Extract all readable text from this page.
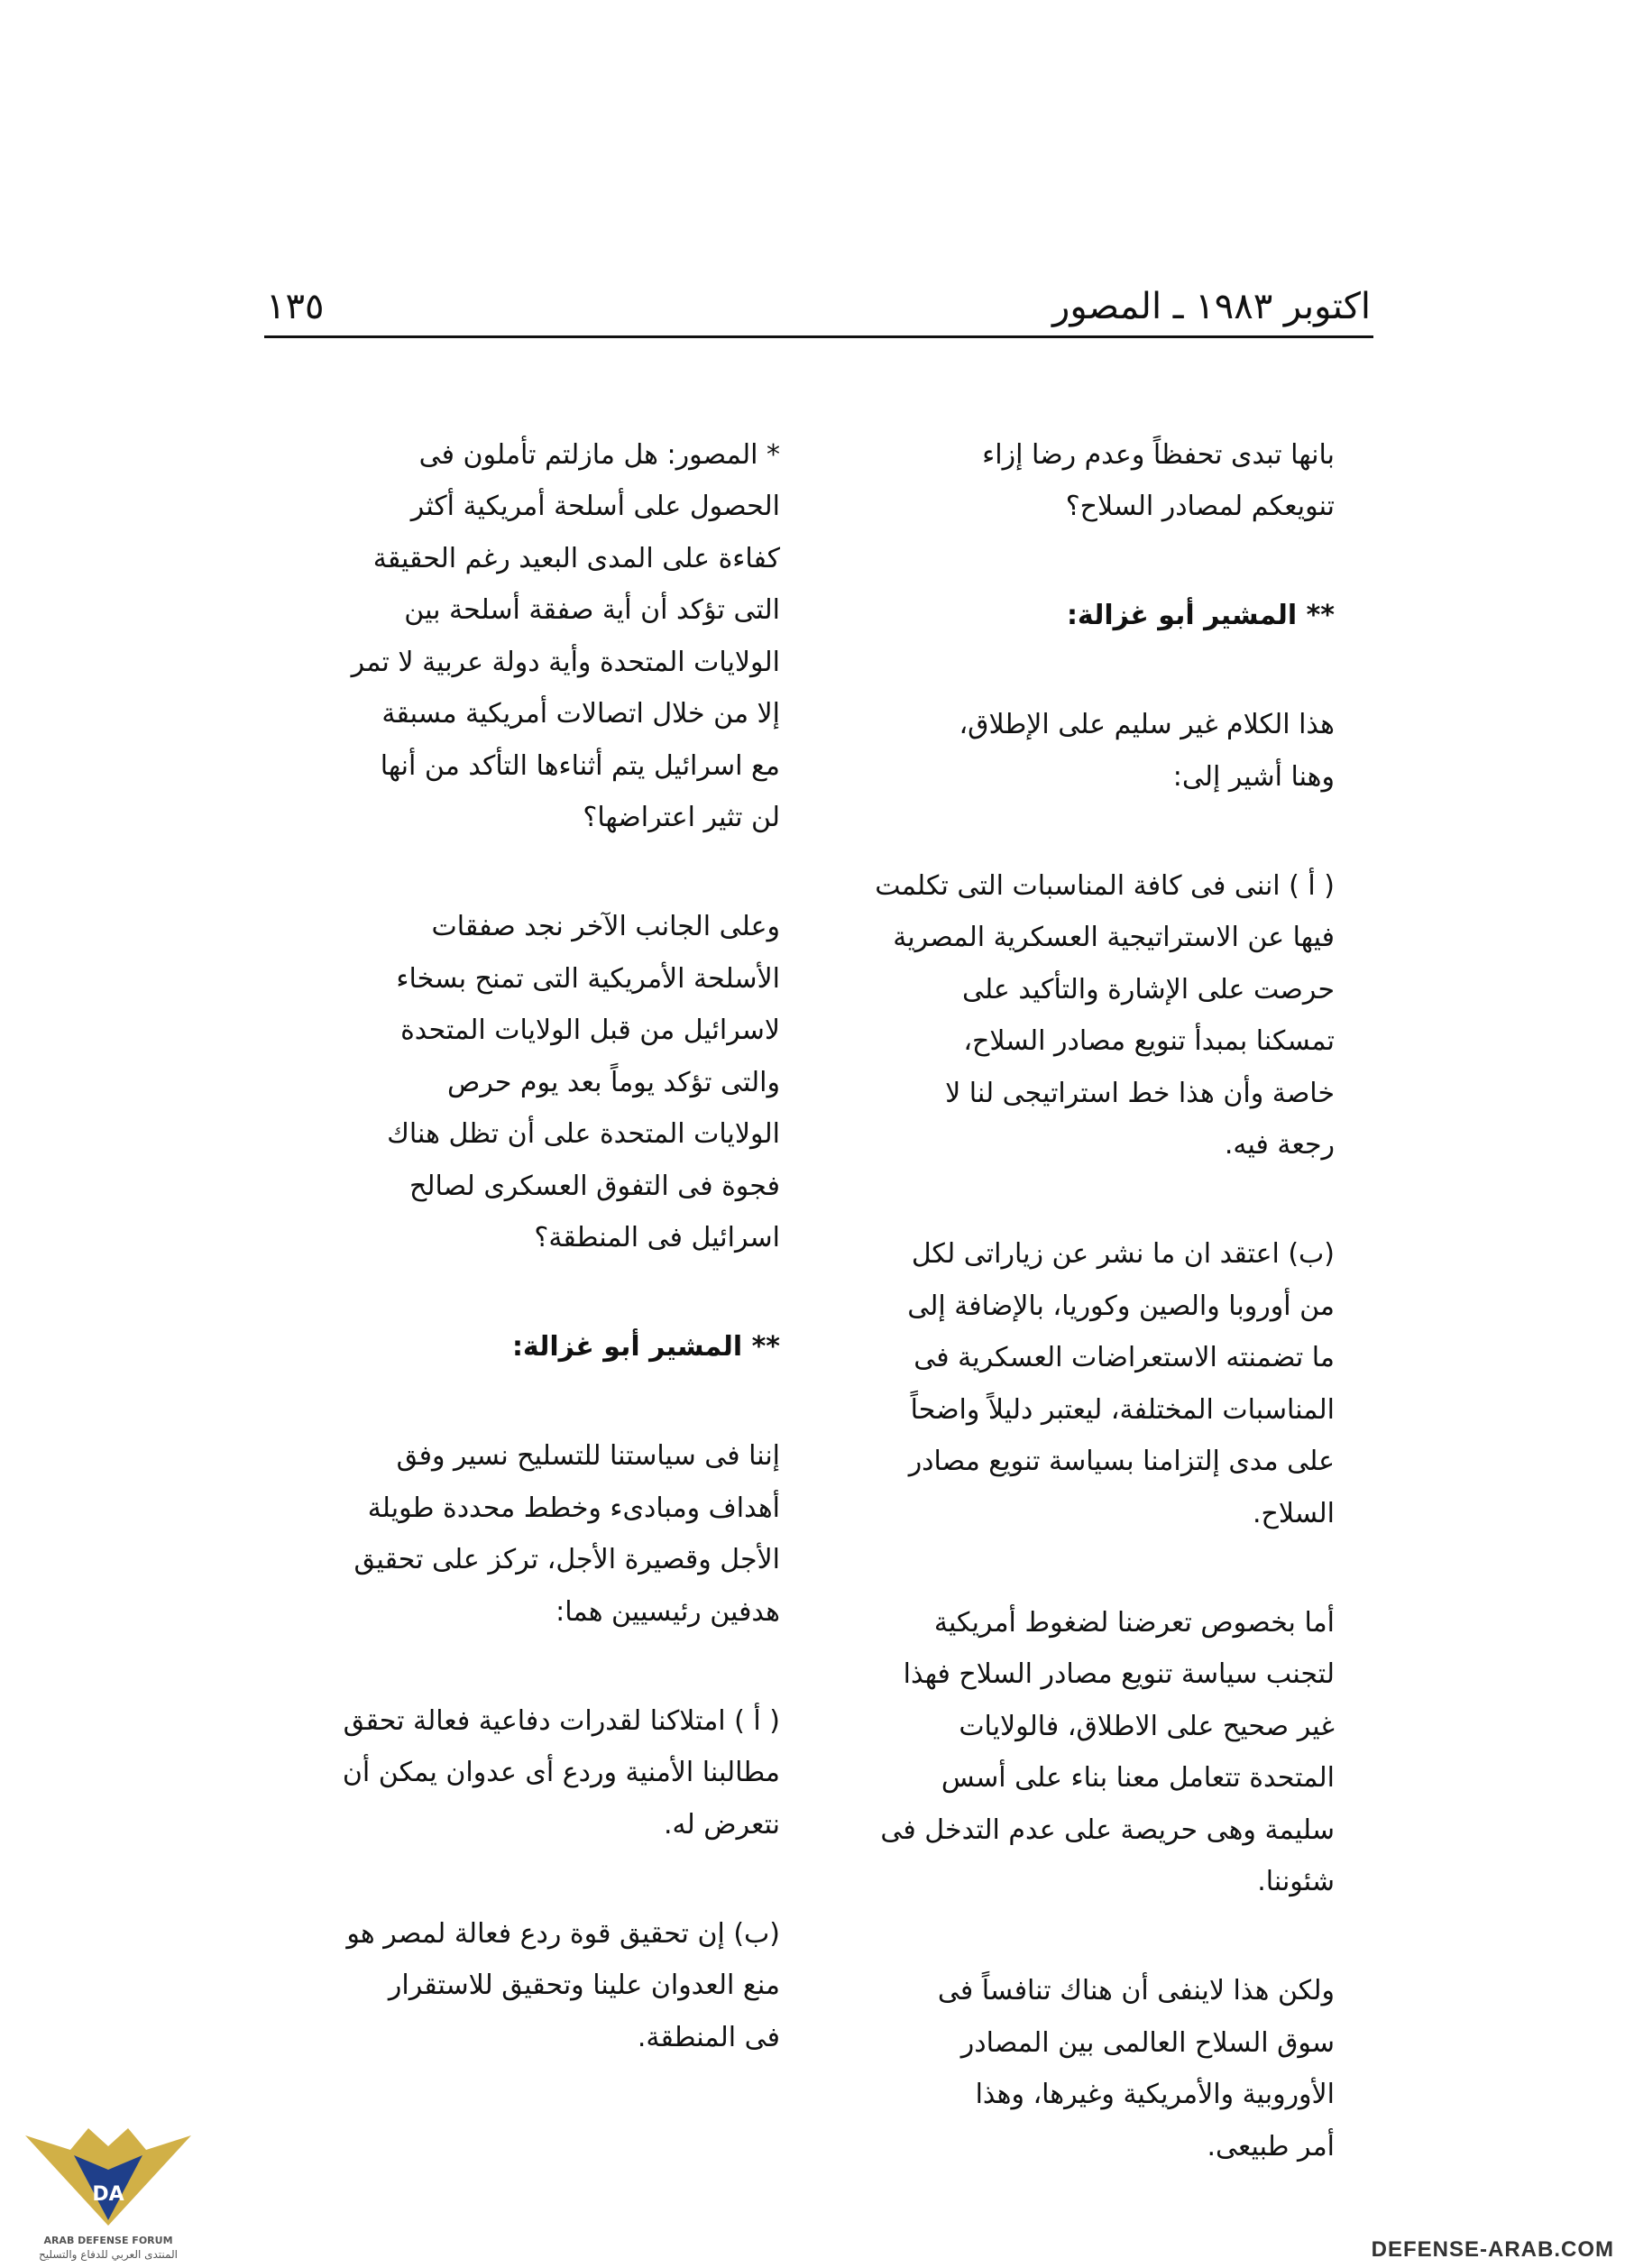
اكتوبر ١٩٨٣ ـ المصور
١٣٥

بانها تبدى تحفظاً وعدم رضا إزاء
تنويعكم لمصادر السلاح؟

** المشير أبو غزالة:

هذا الكلام غير سليم على الإطلاق،
وهنا أشير إلى:

( أ ) اننى فى كافة المناسبات التى تكلمت
فيها عن الاستراتيجية العسكرية المصرية
حرصت على الإشارة والتأكيد على
تمسكنا بمبدأ تنويع مصادر السلاح،
خاصة وأن هذا خط استراتيجى لنا لا
رجعة فيه.

(ب) اعتقد ان ما نشر عن زياراتى لكل
من أوروبا والصين وكوريا، بالإضافة إلى
ما تضمنته الاستعراضات العسكرية فى
المناسبات المختلفة، ليعتبر دليلاً واضحاً
على مدى إلتزامنا بسياسة تنويع مصادر
السلاح.

أما بخصوص تعرضنا لضغوط أمريكية
لتجنب سياسة تنويع مصادر السلاح فهذا
غير صحيح على الاطلاق، فالولايات
المتحدة تتعامل معنا بناء على أسس
سليمة وهى حريصة على عدم التدخل فى
شئوننا.

ولكن هذا لاينفى أن هناك تنافساً فى
سوق السلاح العالمى بين المصادر
الأوروبية والأمريكية وغيرها، وهذا
أمر طبيعى.

* المصور: هل مازلتم تأملون فى
الحصول على أسلحة أمريكية أكثر
كفاءة على المدى البعيد رغم الحقيقة
التى تؤكد أن أية صفقة أسلحة بين
الولايات المتحدة وأية دولة عربية لا تمر
إلا من خلال اتصالات أمريكية مسبقة
مع اسرائيل يتم أثناءها التأكد من أنها
لن تثير اعتراضها؟

وعلى الجانب الآخر نجد صفقات
الأسلحة الأمريكية التى تمنح بسخاء
لاسرائيل من قبل الولايات المتحدة
والتى تؤكد يوماً بعد يوم حرص
الولايات المتحدة على أن تظل هناك
فجوة فى التفوق العسكرى لصالح
اسرائيل فى المنطقة؟

** المشير أبو غزالة:

إننا فى سياستنا للتسليح نسير وفق
أهداف ومبادىء وخطط محددة طويلة
الأجل وقصيرة الأجل، تركز على تحقيق
هدفين رئيسيين هما:

( أ ) امتلاكنا لقدرات دفاعية فعالة تحقق
مطالبنا الأمنية وردع أى عدوان يمكن أن
نتعرض له.

(ب) إن تحقيق قوة ردع فعالة لمصر هو
منع العدوان علينا وتحقيق للاستقرار
فى المنطقة.

DA
ARAB DEFENSE FORUM
المنتدى العربي للدفاع والتسليح	DEFENSE-ARAB.COM
